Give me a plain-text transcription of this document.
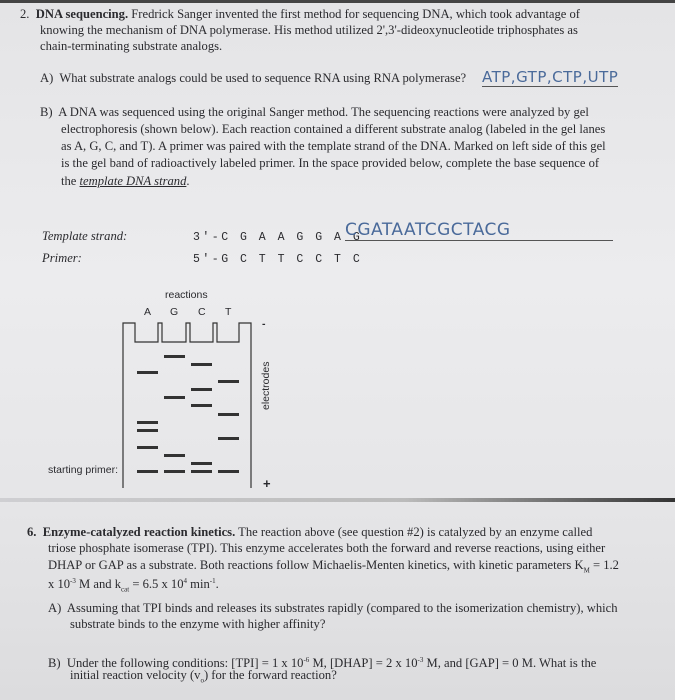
2. DNA sequencing. Fredrick Sanger invented the first method for sequencing DNA, which took advantage of
knowing the mechanism of DNA polymerase. His method utilized 2',3'-dideoxynucleotide triphosphates as
chain-terminating substrate analogs.
A) What substrate analogs could be used to sequence RNA using RNA polymerase? ATP,GTP,CTP,UTP
B) A DNA was sequenced using the original Sanger method. The sequencing reactions were analyzed by gel
electrophoresis (shown below). Each reaction contained a different substrate analog (labeled in the gel lanes
as A, G, C, and T). A primer was paired with the template strand of the DNA. Marked on left side of this gel
is the gel band of radioactively labeled primer. In the space provided below, complete the base sequence of
the template DNA strand.
Template strand:	3'-C G A A G G A G
CGATAATCGCTACG
Primer:	5'-G C T T C C T C
reactions
A G C T
-
electrodes
+
starting primer:
6. Enzyme-catalyzed reaction kinetics. The reaction above (see question #2) is catalyzed by an enzyme called
triose phosphate isomerase (TPI). This enzyme accelerates both the forward and reverse reactions, using either
DHAP or GAP as a substrate. Both reactions follow Michaelis-Menten kinetics, with kinetic parameters $K_M = 1.2$
x $10^{-3}$ M and $k_{cat} = 6.5$ x $10^4$ $\min^{-1}$.
A) Assuming that TPI binds and releases its substrates rapidly (compared to the isomerization chemistry), which
substrate binds to the enzyme with higher affinity?
B) Under the following conditions: [TPI] = 1 x $10^{-6}$ M, [DHAP] = 2 x $10^{-3}$ M, and [GAP] = 0 M. What is the
initial reaction velocity $(v_o)$ for the forward reaction?
